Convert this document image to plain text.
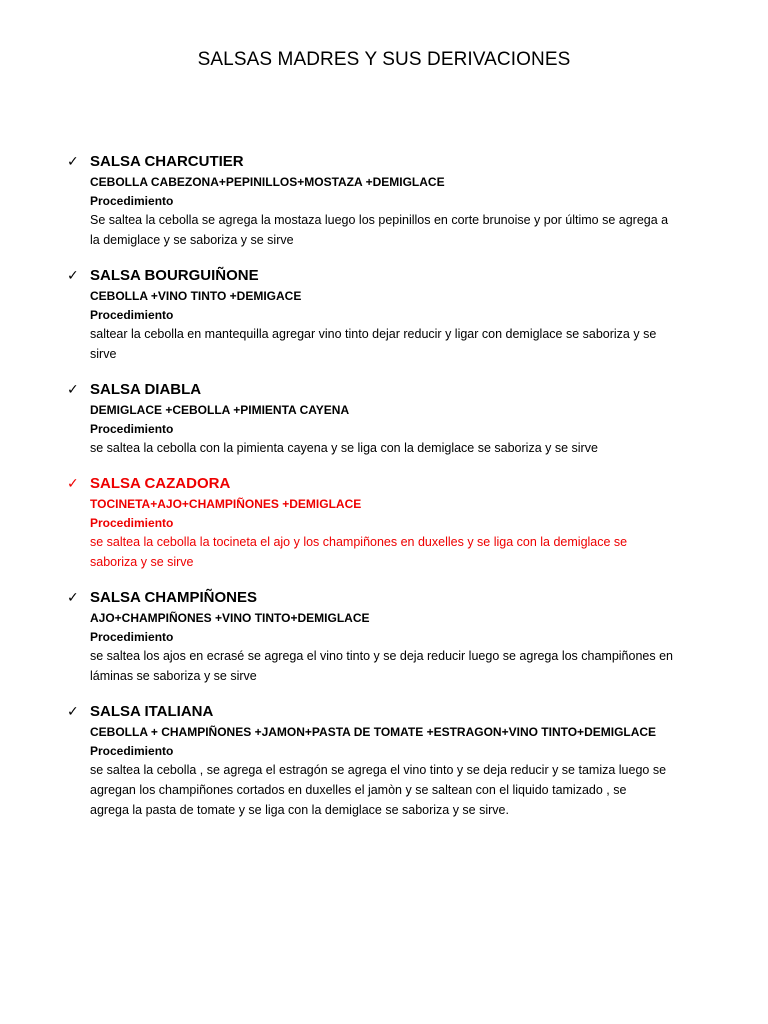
SALSAS MADRES Y SUS DERIVACIONES
✓ SALSA CHARCUTIER
CEBOLLA CABEZONA+PEPINILLOS+MOSTAZA +DEMIGLACE
Procedimiento
Se saltea la cebolla se agrega la mostaza luego los pepinillos en corte brunoise y por último se agrega a
la demiglace y se saboriza y se sirve
✓ SALSA BOURGUIÑONE
CEBOLLA +VINO TINTO +DEMIGACE
Procedimiento
saltear la cebolla en mantequilla agregar vino tinto dejar reducir y ligar con demiglace se saboriza y se
sirve
✓ SALSA DIABLA
DEMIGLACE +CEBOLLA +PIMIENTA CAYENA
Procedimiento
se saltea la cebolla con la pimienta cayena y se liga con la demiglace se saboriza y se sirve
✓ SALSA CAZADORA
TOCINETA+AJO+CHAMPIÑONES +DEMIGLACE
Procedimiento
se saltea la cebolla la tocineta el ajo y los champiñones en duxelles y se liga con la demiglace se
saboriza y se sirve
✓ SALSA CHAMPIÑONES
AJO+CHAMPIÑONES +VINO TINTO+DEMIGLACE
Procedimiento
se saltea los ajos en ecrasé se agrega el vino tinto y se deja reducir luego se agrega los champiñones en
láminas se saboriza y se sirve
✓ SALSA ITALIANA
CEBOLLA + CHAMPIÑONES +JAMON+PASTA DE TOMATE +ESTRAGON+VINO TINTO+DEMIGLACE
Procedimiento
se saltea la cebolla , se agrega el estragón se agrega el vino tinto y se deja reducir y se tamiza luego se
agregan los champiñones cortados en duxelles el jamòn y se saltean con el liquido tamizado , se
agrega la pasta de tomate y se liga con la demiglace se saboriza y se sirve.
